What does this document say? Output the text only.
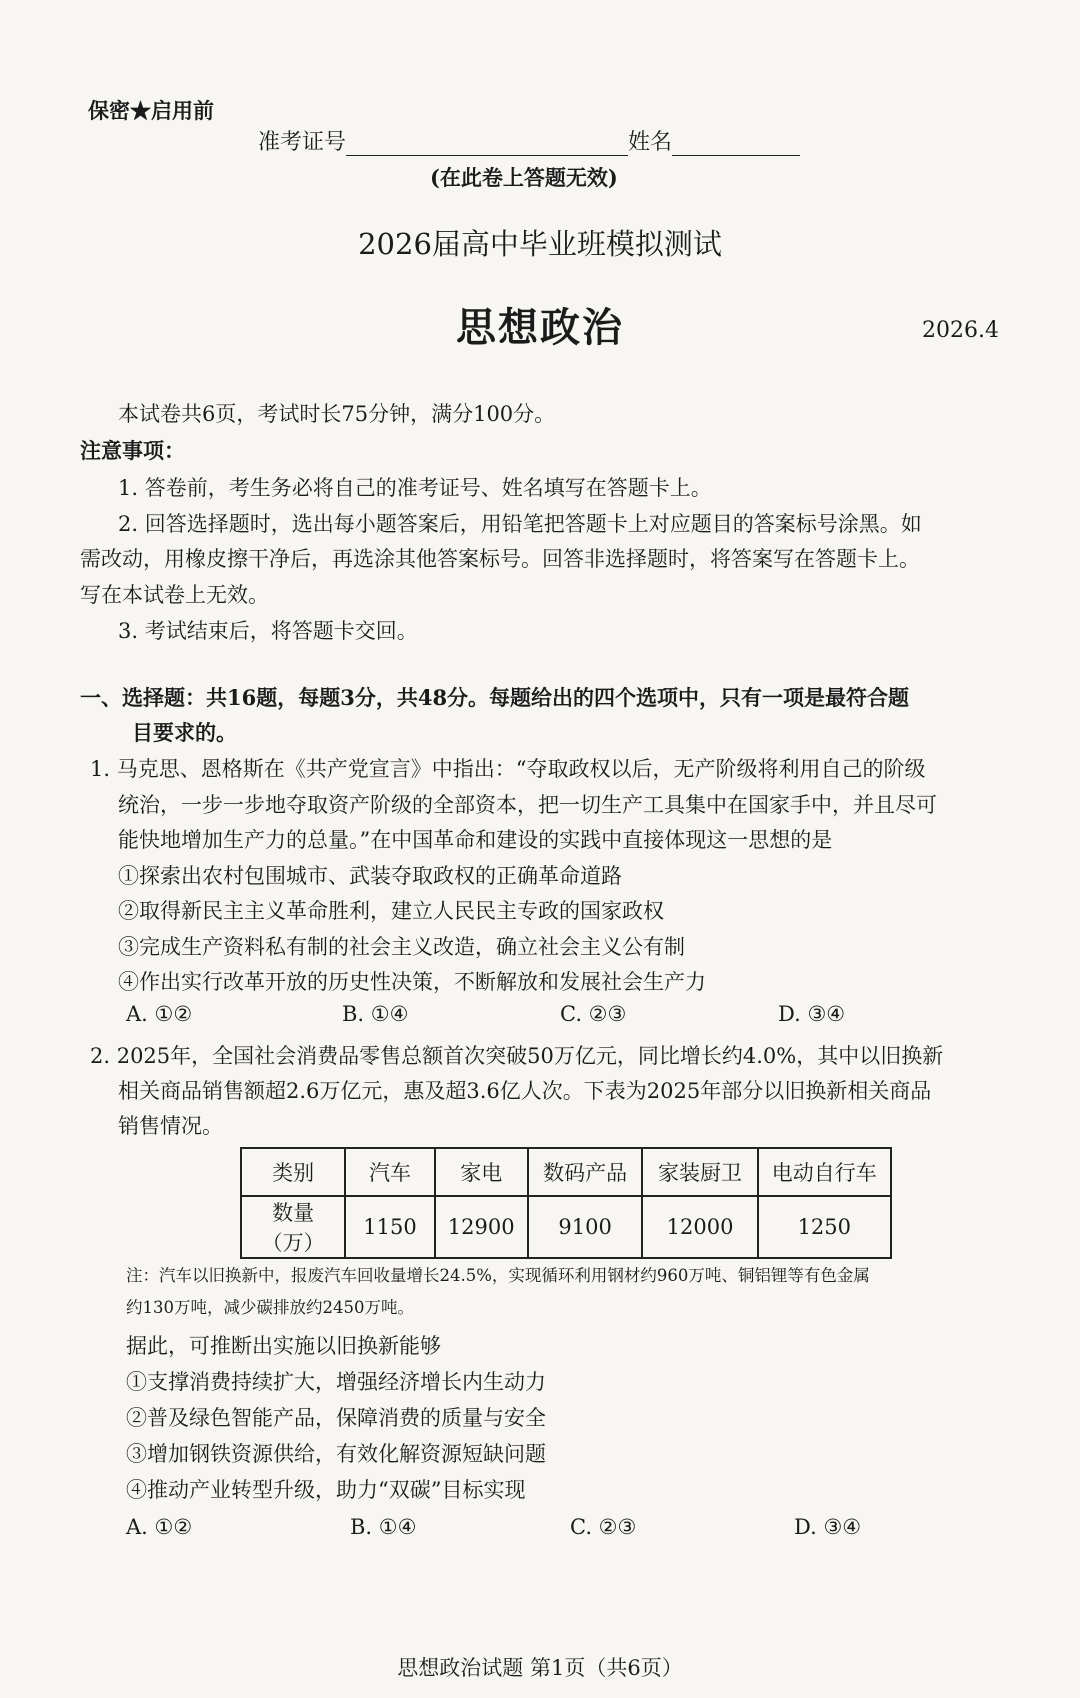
保密★启用前
准考证号	姓名
(在此卷上答题无效)
2026届高中毕业班模拟测试
思想政治	2026.4
本试卷共6页，考试时长75分钟，满分100分。
注意事项：
1. 答卷前，考生务必将自己的准考证号、姓名填写在答题卡上。
2. 回答选择题时，选出每小题答案后，用铅笔把答题卡上对应题目的答案标号涂黑。如
需改动，用橡皮擦干净后，再选涂其他答案标号。回答非选择题时，将答案写在答题卡上。
写在本试卷上无效。
3. 考试结束后，将答题卡交回。
一、选择题：共16题，每题3分，共48分。每题给出的四个选项中，只有一项是最符合题
目要求的。
1. 马克思、恩格斯在《共产党宣言》中指出：“夺取政权以后，无产阶级将利用自己的阶级
统治，一步一步地夺取资产阶级的全部资本，把一切生产工具集中在国家手中，并且尽可
能快地增加生产力的总量。”在中国革命和建设的实践中直接体现这一思想的是
①探索出农村包围城市、武装夺取政权的正确革命道路
②取得新民主主义革命胜利，建立人民民主专政的国家政权
③完成生产资料私有制的社会主义改造，确立社会主义公有制
④作出实行改革开放的历史性决策，不断解放和发展社会生产力
A. ①②	B. ①④	C. ②③	D. ③④
2. 2025年，全国社会消费品零售总额首次突破50万亿元，同比增长约4.0%，其中以旧换新
相关商品销售额超2.6万亿元，惠及超3.6亿人次。下表为2025年部分以旧换新相关商品
销售情况。
类别	汽车	家电	数码产品	家装厨卫	电动自行车
数量（万）	1150	12900	9100	12000	1250
注：汽车以旧换新中，报废汽车回收量增长24.5%，实现循环利用钢材约960万吨、铜铝锂等有色金属
约130万吨，减少碳排放约2450万吨。
据此，可推断出实施以旧换新能够
①支撑消费持续扩大，增强经济增长内生动力
②普及绿色智能产品，保障消费的质量与安全
③增加钢铁资源供给，有效化解资源短缺问题
④推动产业转型升级，助力“双碳”目标实现
A. ①②	B. ①④	C. ②③	D. ③④
思想政治试题 第1页（共6页）
